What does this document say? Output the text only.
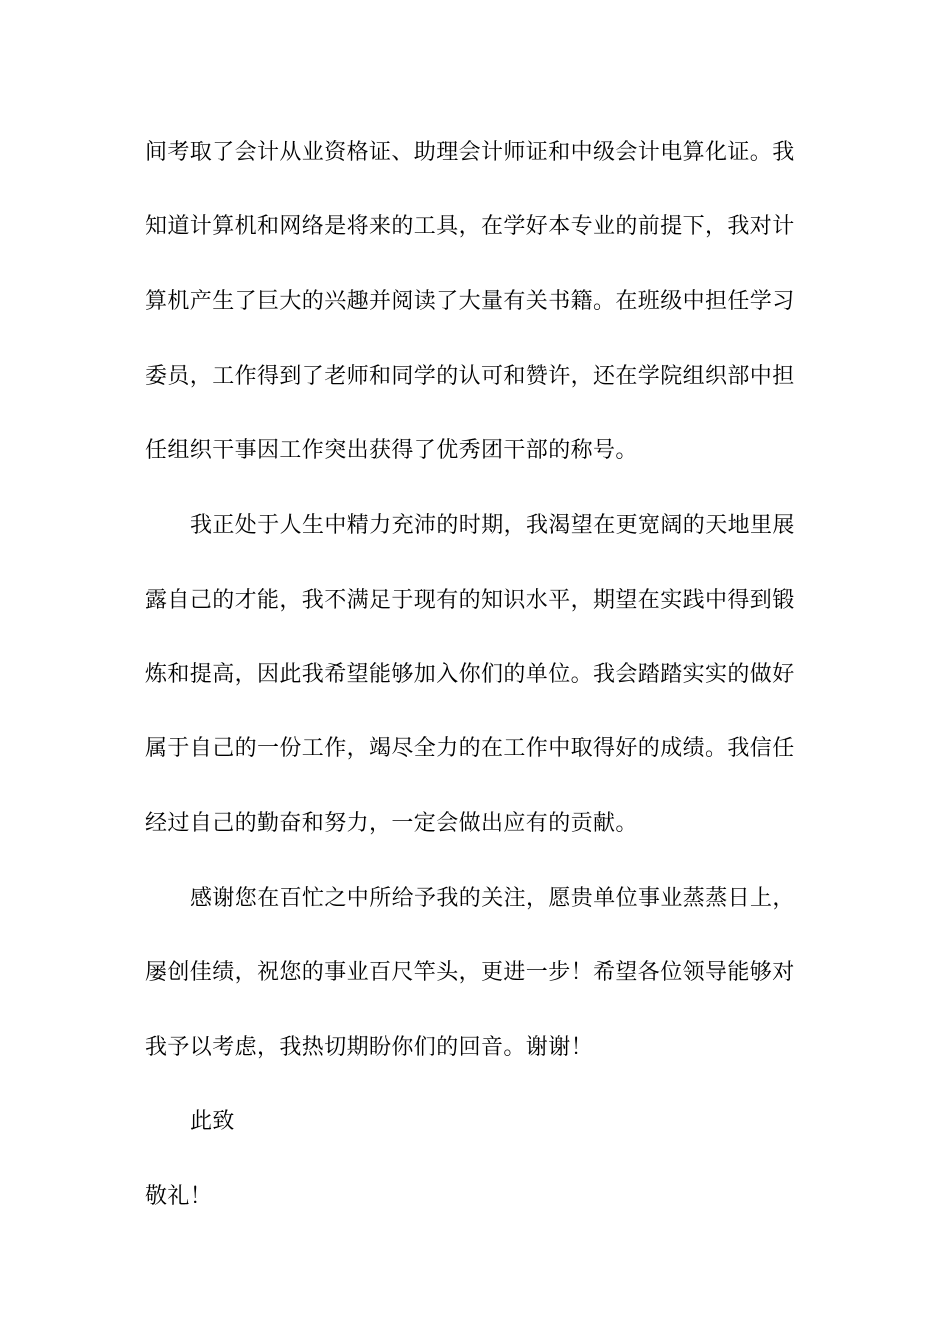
间考取了会计从业资格证、助理会计师证和中级会计电算化证。我
知道计算机和网络是将来的工具，在学好本专业的前提下，我对计
算机产生了巨大的兴趣并阅读了大量有关书籍。在班级中担任学习
委员，工作得到了老师和同学的认可和赞许，还在学院组织部中担
任组织干事因工作突出获得了优秀团干部的称号。
我正处于人生中精力充沛的时期，我渴望在更宽阔的天地里展
露自己的才能，我不满足于现有的知识水平，期望在实践中得到锻
炼和提高，因此我希望能够加入你们的单位。我会踏踏实实的做好
属于自己的一份工作，竭尽全力的在工作中取得好的成绩。我信任
经过自己的勤奋和努力，一定会做出应有的贡献。
感谢您在百忙之中所给予我的关注，愿贵单位事业蒸蒸日上，
屡创佳绩，祝您的事业百尺竿头，更进一步！希望各位领导能够对
我予以考虑，我热切期盼你们的回音。谢谢！
此致
敬礼！
